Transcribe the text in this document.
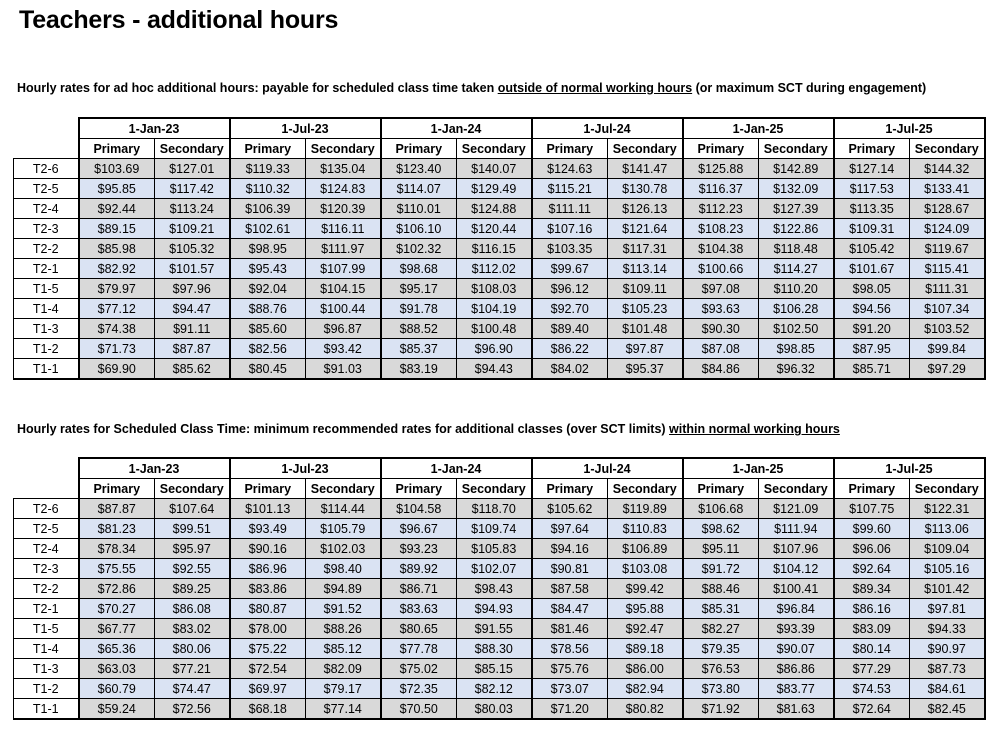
Teachers - additional hours
Hourly rates for ad hoc additional hours: payable for scheduled class time taken outside of normal working hours (or maximum SCT during engagement)
	1-Jan-23		1-Jul-23		1-Jan-24		1-Jul-24		1-Jan-25		1-Jul-25	
	Primary	Secondary	Primary	Secondary	Primary	Secondary	Primary	Secondary	Primary	Secondary	Primary	Secondary
T2-6	$103.69	$127.01	$119.33	$135.04	$123.40	$140.07	$124.63	$141.47	$125.88	$142.89	$127.14	$144.32
T2-5	$95.85	$117.42	$110.32	$124.83	$114.07	$129.49	$115.21	$130.78	$116.37	$132.09	$117.53	$133.41
T2-4	$92.44	$113.24	$106.39	$120.39	$110.01	$124.88	$111.11	$126.13	$112.23	$127.39	$113.35	$128.67
T2-3	$89.15	$109.21	$102.61	$116.11	$106.10	$120.44	$107.16	$121.64	$108.23	$122.86	$109.31	$124.09
T2-2	$85.98	$105.32	$98.95	$111.97	$102.32	$116.15	$103.35	$117.31	$104.38	$118.48	$105.42	$119.67
T2-1	$82.92	$101.57	$95.43	$107.99	$98.68	$112.02	$99.67	$113.14	$100.66	$114.27	$101.67	$115.41
T1-5	$79.97	$97.96	$92.04	$104.15	$95.17	$108.03	$96.12	$109.11	$97.08	$110.20	$98.05	$111.31
T1-4	$77.12	$94.47	$88.76	$100.44	$91.78	$104.19	$92.70	$105.23	$93.63	$106.28	$94.56	$107.34
T1-3	$74.38	$91.11	$85.60	$96.87	$88.52	$100.48	$89.40	$101.48	$90.30	$102.50	$91.20	$103.52
T1-2	$71.73	$87.87	$82.56	$93.42	$85.37	$96.90	$86.22	$97.87	$87.08	$98.85	$87.95	$99.84
T1-1	$69.90	$85.62	$80.45	$91.03	$83.19	$94.43	$84.02	$95.37	$84.86	$96.32	$85.71	$97.29
Hourly rates for Scheduled Class Time: minimum recommended rates for additional classes (over SCT limits) within normal working hours
	1-Jan-23		1-Jul-23		1-Jan-24		1-Jul-24		1-Jan-25		1-Jul-25	
	Primary	Secondary	Primary	Secondary	Primary	Secondary	Primary	Secondary	Primary	Secondary	Primary	Secondary
T2-6	$87.87	$107.64	$101.13	$114.44	$104.58	$118.70	$105.62	$119.89	$106.68	$121.09	$107.75	$122.31
T2-5	$81.23	$99.51	$93.49	$105.79	$96.67	$109.74	$97.64	$110.83	$98.62	$111.94	$99.60	$113.06
T2-4	$78.34	$95.97	$90.16	$102.03	$93.23	$105.83	$94.16	$106.89	$95.11	$107.96	$96.06	$109.04
T2-3	$75.55	$92.55	$86.96	$98.40	$89.92	$102.07	$90.81	$103.08	$91.72	$104.12	$92.64	$105.16
T2-2	$72.86	$89.25	$83.86	$94.89	$86.71	$98.43	$87.58	$99.42	$88.46	$100.41	$89.34	$101.42
T2-1	$70.27	$86.08	$80.87	$91.52	$83.63	$94.93	$84.47	$95.88	$85.31	$96.84	$86.16	$97.81
T1-5	$67.77	$83.02	$78.00	$88.26	$80.65	$91.55	$81.46	$92.47	$82.27	$93.39	$83.09	$94.33
T1-4	$65.36	$80.06	$75.22	$85.12	$77.78	$88.30	$78.56	$89.18	$79.35	$90.07	$80.14	$90.97
T1-3	$63.03	$77.21	$72.54	$82.09	$75.02	$85.15	$75.76	$86.00	$76.53	$86.86	$77.29	$87.73
T1-2	$60.79	$74.47	$69.97	$79.17	$72.35	$82.12	$73.07	$82.94	$73.80	$83.77	$74.53	$84.61
T1-1	$59.24	$72.56	$68.18	$77.14	$70.50	$80.03	$71.20	$80.82	$71.92	$81.63	$72.64	$82.45
